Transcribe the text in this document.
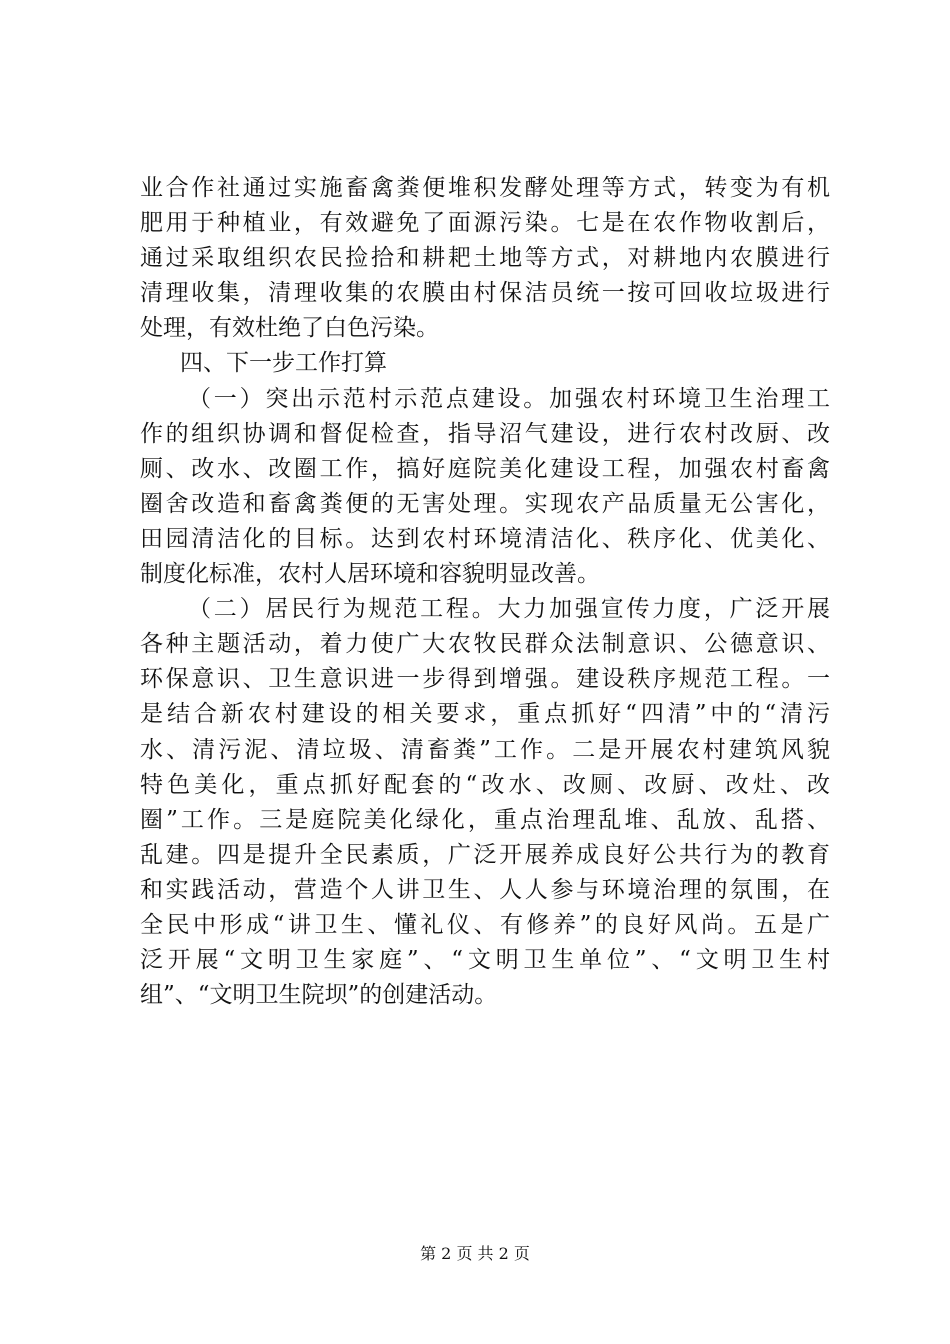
业合作社通过实施畜禽粪便堆积发酵处理等方式，转变为有机
肥用于种植业，有效避免了面源污染。七是在农作物收割后，
通过采取组织农民捡拾和耕耙土地等方式，对耕地内农膜进行
清理收集，清理收集的农膜由村保洁员统一按可回收垃圾进行
处理，有效杜绝了白色污染。
四、下一步工作打算
（一）突出示范村示范点建设。加强农村环境卫生治理工
作的组织协调和督促检查，指导沼气建设，进行农村改厨、改
厕、改水、改圈工作，搞好庭院美化建设工程，加强农村畜禽
圈舍改造和畜禽粪便的无害处理。实现农产品质量无公害化，
田园清洁化的目标。达到农村环境清洁化、秩序化、优美化、
制度化标准，农村人居环境和容貌明显改善。
（二）居民行为规范工程。大力加强宣传力度，广泛开展
各种主题活动，着力使广大农牧民群众法制意识、公德意识、
环保意识、卫生意识进一步得到增强。建设秩序规范工程。一
是结合新农村建设的相关要求，重点抓好“四清”中的“清污
水、清污泥、清垃圾、清畜粪”工作。二是开展农村建筑风貌
特色美化，重点抓好配套的“改水、改厕、改厨、改灶、改
圈”工作。三是庭院美化绿化，重点治理乱堆、乱放、乱搭、
乱建。四是提升全民素质，广泛开展养成良好公共行为的教育
和实践活动，营造个人讲卫生、人人参与环境治理的氛围，在
全民中形成“讲卫生、懂礼仪、有修养”的良好风尚。五是广
泛开展“文明卫生家庭”、“文明卫生单位”、“文明卫生村
组”、“文明卫生院坝”的创建活动。
第 2 页 共 2 页
